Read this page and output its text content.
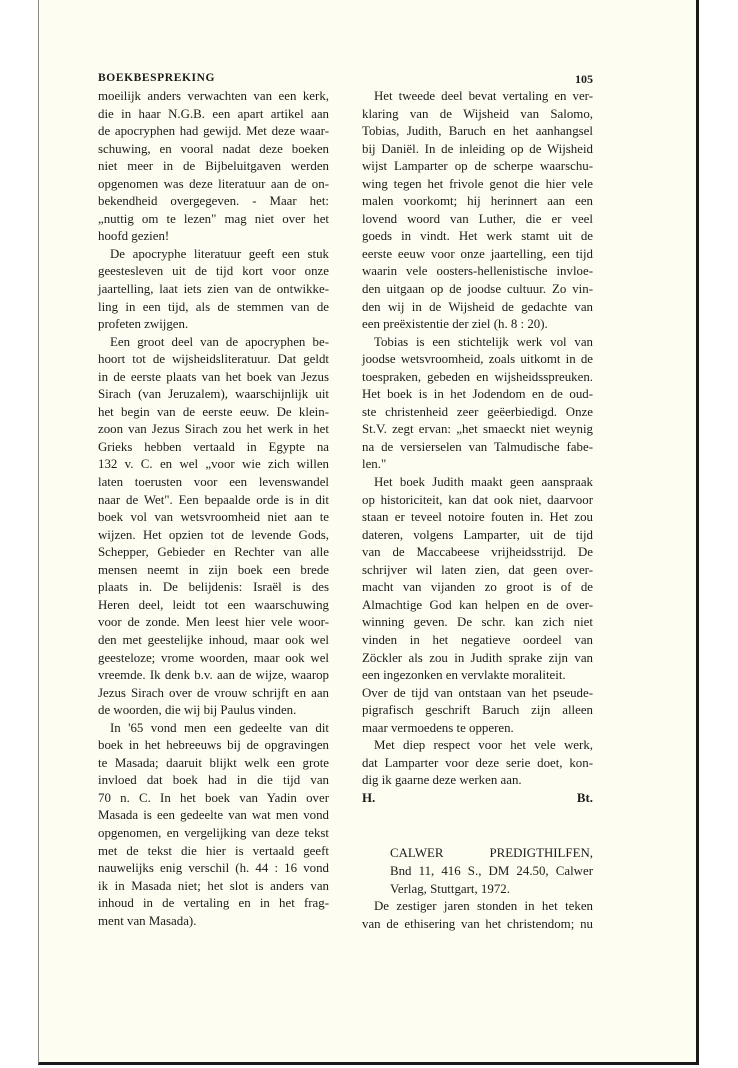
BOEKBESPREKING	105
moeilijk anders verwachten van een kerk,
die in haar N.G.B. een apart artikel aan
de apocryphen had gewijd. Met deze waar-
schuwing, en vooral nadat deze boeken
niet meer in de Bijbeluitgaven werden
opgenomen was deze literatuur aan de on-
bekendheid overgegeven. - Maar het:
„nuttig om te lezen" mag niet over het
hoofd gezien!
De apocryphe literatuur geeft een stuk
geestesleven uit de tijd kort voor onze
jaartelling, laat iets zien van de ontwikke-
ling in een tijd, als de stemmen van de
profeten zwijgen.
Een groot deel van de apocryphen be-
hoort tot de wijsheidsliteratuur. Dat geldt
in de eerste plaats van het boek van Jezus
Sirach (van Jeruzalem), waarschijnlijk uit
het begin van de eerste eeuw. De klein-
zoon van Jezus Sirach zou het werk in het
Grieks hebben vertaald in Egypte na
132 v. C. en wel „voor wie zich willen
laten toerusten voor een levenswandel
naar de Wet". Een bepaalde orde is in dit
boek vol van wetsvroomheid niet aan te
wijzen. Het opzien tot de levende Gods,
Schepper, Gebieder en Rechter van alle
mensen neemt in zijn boek een brede
plaats in. De belijdenis: Israël is des
Heren deel, leidt tot een waarschuwing
voor de zonde. Men leest hier vele woor-
den met geestelijke inhoud, maar ook wel
geesteloze; vrome woorden, maar ook wel
vreemde. Ik denk b.v. aan de wijze, waarop
Jezus Sirach over de vrouw schrijft en aan
de woorden, die wij bij Paulus vinden.
In '65 vond men een gedeelte van dit
boek in het hebreeuws bij de opgravingen
te Masada; daaruit blijkt welk een grote
invloed dat boek had in die tijd van
70 n. C. In het boek van Yadin over
Masada is een gedeelte van wat men vond
opgenomen, en vergelijking van deze tekst
met de tekst die hier is vertaald geeft
nauwelijks enig verschil (h. 44 : 16 vond
ik in Masada niet; het slot is anders van
inhoud in de vertaling en in het frag-
ment van Masada).
Het tweede deel bevat vertaling en ver-
klaring van de Wijsheid van Salomo,
Tobias, Judith, Baruch en het aanhangsel
bij Daniël. In de inleiding op de Wijsheid
wijst Lamparter op de scherpe waarschu-
wing tegen het frivole genot die hier vele
malen voorkomt; hij herinnert aan een
lovend woord van Luther, die er veel
goeds in vindt. Het werk stamt uit de
eerste eeuw voor onze jaartelling, een tijd
waarin vele oosters-hellenistische invloe-
den uitgaan op de joodse cultuur. Zo vin-
den wij in de Wijsheid de gedachte van
een preëxistentie der ziel (h. 8 : 20).
Tobias is een stichtelijk werk vol van
joodse wetsvroomheid, zoals uitkomt in de
toespraken, gebeden en wijsheidsspreuken.
Het boek is in het Jodendom en de oud-
ste christenheid zeer geëerbiedigd. Onze
St.V. zegt ervan: „het smaeckt niet weynig
na de versierselen van Talmudische fabe-
len."
Het boek Judith maakt geen aanspraak
op historiciteit, kan dat ook niet, daarvoor
staan er teveel notoire fouten in. Het zou
dateren, volgens Lamparter, uit de tijd
van de Maccabeese vrijheidsstrijd. De
schrijver wil laten zien, dat geen over-
macht van vijanden zo groot is of de
Almachtige God kan helpen en de over-
winning geven. De schr. kan zich niet
vinden in het negatieve oordeel van
Zöckler als zou in Judith sprake zijn van
een ingezonken en vervlakte moraliteit.
Over de tijd van ontstaan van het pseude-
pigrafisch geschrift Baruch zijn alleen
maar vermoedens te opperen.
Met diep respect voor het vele werk,
dat Lamparter voor deze serie doet, kon-
dig ik gaarne deze werken aan.
H.	Bt.
CALWER PREDIGTHILFEN,
Bnd 11, 416 S., DM 24.50, Calwer
Verlag, Stuttgart, 1972.
De zestiger jaren stonden in het teken
van de ethisering van het christendom; nu
